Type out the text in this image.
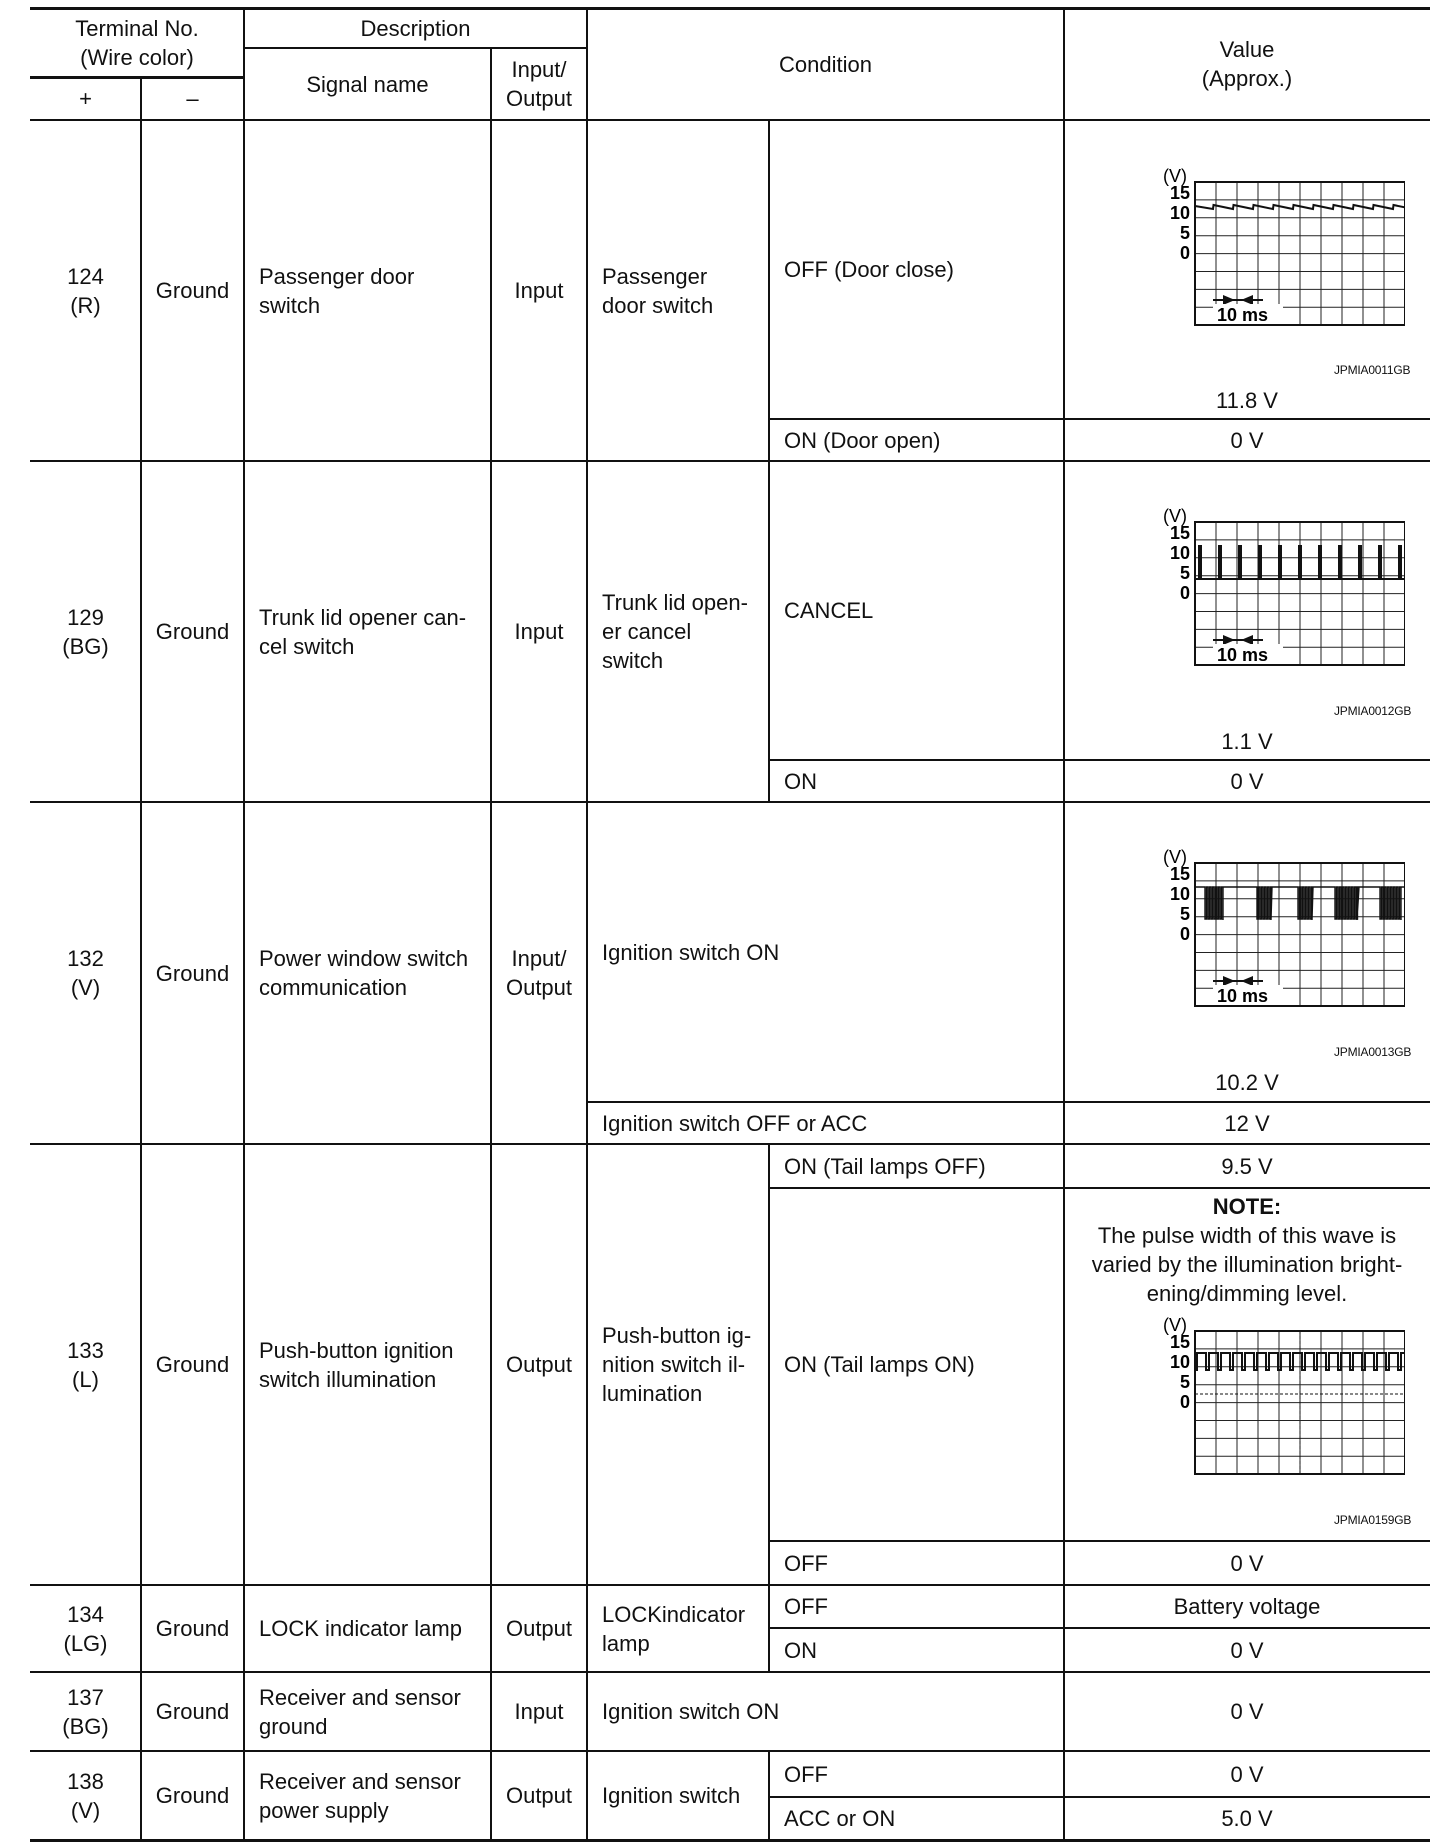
Terminal No.
(Wire color)
+	–
Description
Signal name
Input/
Output
Condition
Value
(Approx.)
124
(R)
Ground
Passenger door
switch
Input
Passenger
door switch
OFF (Door close)
ON (Door open)
(V)
15
10
5
0
10 ms
JPMIA0011GB
11.8 V
0 V
129
(BG)
Ground
Trunk lid opener can-
cel switch
Input
Trunk lid open-
er cancel
switch
CANCEL
ON
(V)
15
10
5
0
10 ms
JPMIA0012GB
1.1 V
0 V
132
(V)
Ground
Power window switch
communication
Input/
Output
Ignition switch ON
Ignition switch OFF or ACC
(V)
15
10
5
0
10 ms
JPMIA0013GB
10.2 V
12 V
133
(L)
Ground
Push-button ignition
switch illumination
Output
Push-button ig-
nition switch il-
lumination
ON (Tail lamps OFF)
ON (Tail lamps ON)
OFF
9.5 V
NOTE:
The pulse width of this wave is
varied by the illumination bright-
ening/dimming level.
(V)
15
10
5
0
JPMIA0159GB
0 V
134
(LG)
Ground LOCK indicator lamp Output
LOCKindicator
lamp
OFF
ON
Battery voltage
0 V
137
(BG)
Ground
Receiver and sensor
ground
Input Ignition switch ON	0 V
138
(V)
Ground
Receiver and sensor
power supply
Output Ignition switch
OFF
ACC or ON
0 V
5.0 V
